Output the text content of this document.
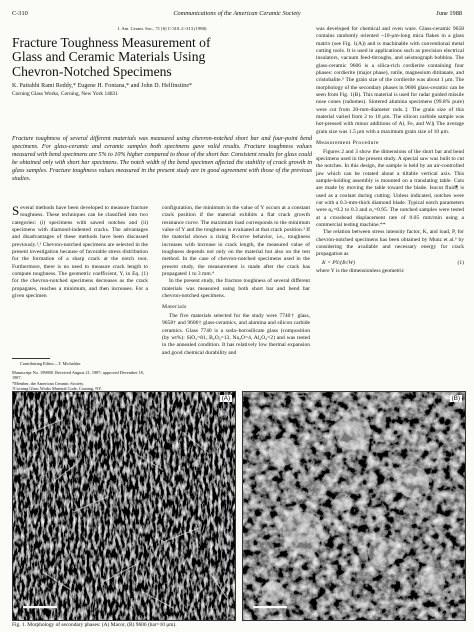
C-310	Communications of the American Ceramic Society	June 1988
J. Am. Ceram. Soc., 71 [6] C-310–C-313 (1988)
Fracture Toughness Measurement of
Glass and Ceramic Materials Using
Chevron-Notched Specimens
K. Pattabhi Rami Reddy,* Eugene H. Fontana,* and John D. Helfinstine*
Corning Glass Works, Corning, New York 14831
Fracture toughness of several different materials was measured using chevron-notched short bar and four-point bend specimens. For glass-ceramic and ceramic samples both specimens gave valid results. Fracture toughness values measured with bend specimens are 5% to 10% higher compared to those of the short bar. Consistent results for glass could be obtained only with short bar specimens. The notch width of the bend specimen affected the stability of crack growth in glass samples. Fracture toughness values measured in the present study are in good agreement with those of the previous studies.

Several methods have been developed to measure fracture toughness. These techniques can be classified into two categories: (i) specimens with sawed notches and (ii) specimens with diamond-indented cracks. The advantages and disadvantages of these methods have been discussed previously.¹,² Chevron-notched specimens are selected in the present investigation because of favorable stress distribution for the formation of a sharp crack at the notch root. Furthermore, there is no need to measure crack length to compute toughness. The geometric coefficient, Y, in Eq. (1) for the chevron-notched specimens decreases as the crack propagates, reaches a minimum, and then increases. For a given specimen

Contributing Editor—T. Michalske

Manuscript No. 199800. Received August 21, 1987; approved December 18, 1987.

*Member, the American Ceramic Society.

†Corning Glass Works Material Code, Corning, NY.

configuration, the minimum in the value of Y occurs at a constant crack position if the material exhibits a flat crack growth resistance curve. The maximum load corresponds to the minimum value of Y and the toughness is evaluated at that crack position.³ If the material shows a rising R-curve behavior, i.e., toughness increases with increase in crack length, the measured value of toughness depends not only on the material but also on the test method. In the case of chevron-notched specimens used in the present study, the measurement is made after the crack has propagated 1 to 3 mm.⁴

In the present study, the fracture toughness of several different materials was measured using both short bar and bend bar chevron-notched specimens.

Materials

The five materials selected for the study were 7740† glass, 9658† and 9606† glass-ceramics, and alumina and silicon carbide ceramics. Glass 7740 is a soda–borosilicate glass (composition (by wt%): SiO₂=81, B₂O₃=13, Na₂O=4, Al₂O₃=2) and was tested in the annealed condition. It has relatively low thermal expansion and good chemical durability and

was developed for chemical and oven ware. Glass-ceramic 9658 contains randomly oriented ~10-μm-long mica flakes in a glass matrix (see Fig. 1(A)) and is machinable with conventional metal cutting tools. It is used in applications such as precision electrical insulators, vacuum feed-throughs, and seismograph bobbins. The glass-ceramic 9606 is a silica-rich cordierite containing four phases: cordierite (major phase), rutile, magnesium dititanate, and cristobalite.⁵ The grain size of the cordierite was about 1 μm. The morphology of the secondary phases in 9606 glass-ceramic can be seen from Fig. 1(B). This material is used for radar guided missile nose cones (radomes). Sintered alumina specimens (99.8% pure) were cut from 20-mm-diameter rods.‡ The grain size of this material varied from 2 to 10 μm. The silicon carbide sample was hot-pressed with minor additions of Al, Fe, and W.§ The average grain size was 1.5 μm with a maximum grain size of 10 μm.

Measurement Procedure

Figures 2 and 3 show the dimensions of the short bar and bend specimens used in the present study. A special saw was built to cut the notches. In this design, the sample is held by an air-controlled jaw which can be rotated about a tiltable vertical axis. This sample-holding assembly is mounted on a translating table. Cuts are made by moving the table toward the blade. Isocut fluid¶ is used as a coolant during cutting. Unless indicated, notches were cut with a 0.3-mm-thick diamond blade. Typical notch parameters were α₀=0.2 to 0.3 and α₁=0.95. The notched samples were tested at a crosshead displacement rate of 0.05 mm/min using a commercial testing machine.**

The relation between stress intensity factor, K, and load, P, for chevron-notched specimens has been obtained by Munz et al.⁶ by considering the available and necessary energy for crack propagation as

K = PY/(B√W)	(1)

where Y is the dimensionless geometric

(A)
Corning 9658	(B)
Corning 9606
Fig. 1. Morphology of secondary phases: (A) Macor, (B) 9606 (bar=10 μm).
